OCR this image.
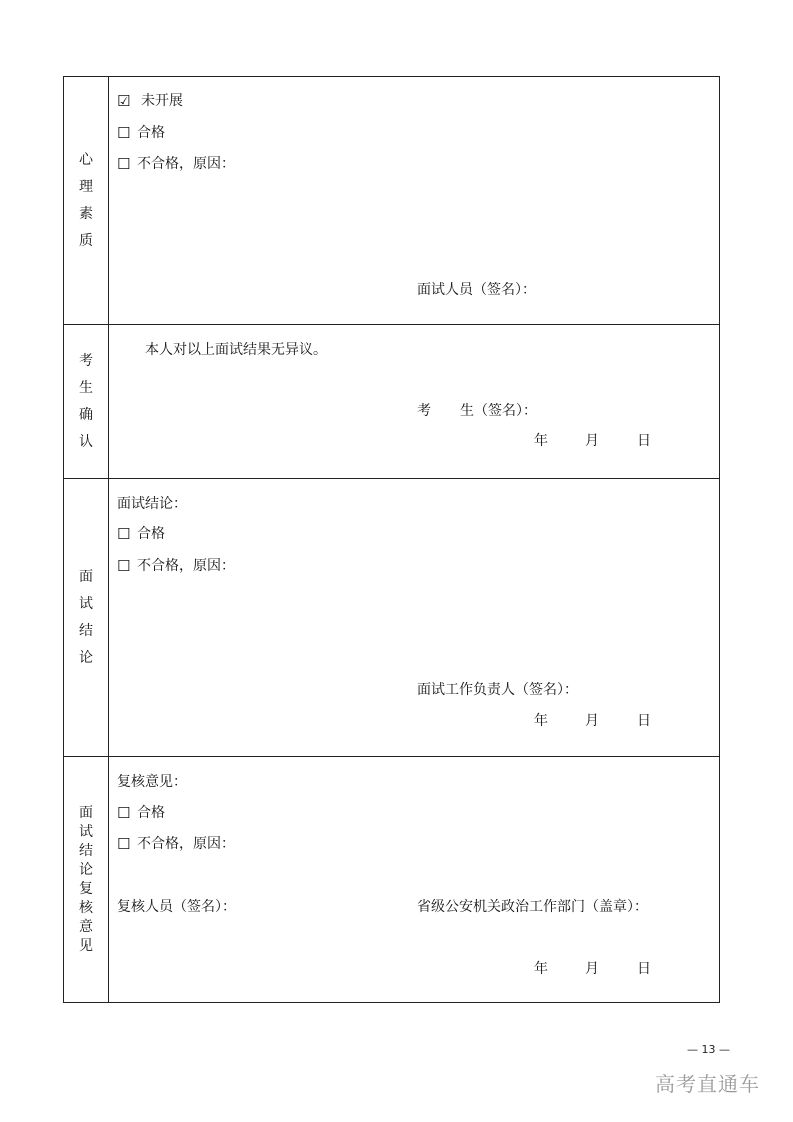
心
理
素
质
☑ 未开展
☐ 合格
☐ 不合格，原因：
面试人员（签名）：
考
生
确
认
本人对以上面试结果无异议。
考 生（签名）：
年	月	日
面
试
结
论
面试结论：
☐ 合格
☐ 不合格，原因：
面试工作负责人（签名）：
年	月	日
面
试
结
论
复
核
意
见
复核意见：
☐ 合格
☐ 不合格，原因：
复核人员（签名）：	省级公安机关政治工作部门（盖章）：
年	月	日
— 13 —
高考直通车
